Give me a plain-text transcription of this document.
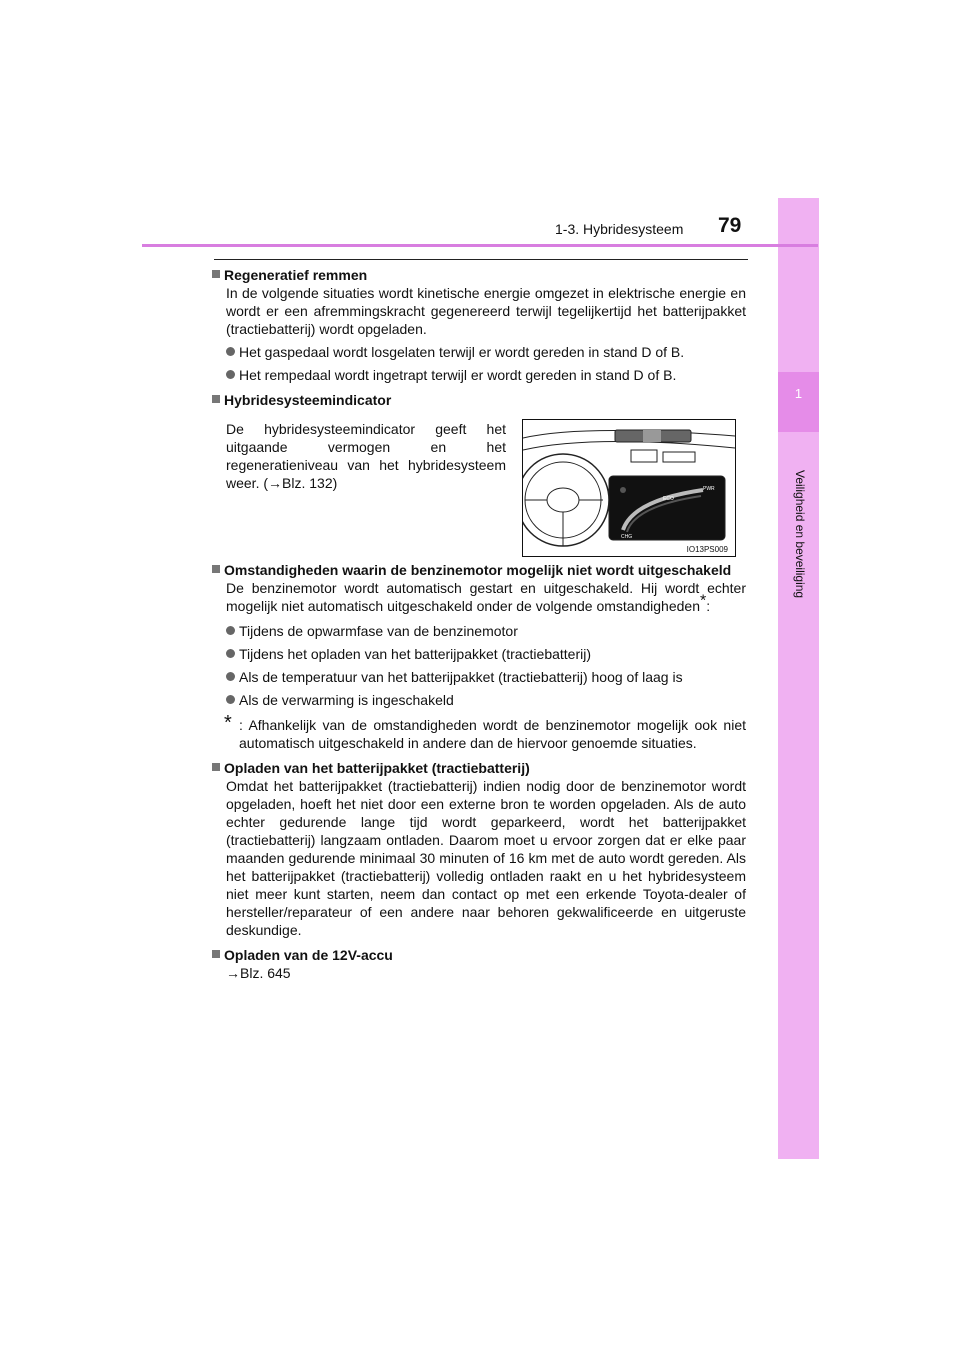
1
Veiligheid en beveiliging
1-3. Hybridesysteem 79
De hybridesysteemindicator geeft het uitgaande vermogen en het regeneratieniveau van het hybridesysteem weer. (→Blz. 132)
ECO
PWR
CHG
IO13PS009

Regeneratief remmen

In de volgende situaties wordt kinetische energie omgezet in elektrische energie en wordt er een afremmingskracht gegenereerd terwijl tegelijkertijd het batterijpakket (tractiebatterij) wordt opgeladen.

Het gaspedaal wordt losgelaten terwijl er wordt gereden in stand D of B.

Het rempedaal wordt ingetrapt terwijl er wordt gereden in stand D of B.

Hybridesysteemindicator

Omstandigheden waarin de benzinemotor mogelijk niet wordt uitgeschakeld

De benzinemotor wordt automatisch gestart en uitgeschakeld. Hij wordt echter mogelijk niet automatisch uitgeschakeld onder de volgende omstandigheden*:

Tijdens de opwarmfase van de benzinemotor

Tijdens het opladen van het batterijpakket (tractiebatterij)

Als de temperatuur van het batterijpakket (tractiebatterij) hoog of laag is

Als de verwarming is ingeschakeld

* : Afhankelijk van de omstandigheden wordt de benzinemotor mogelijk ook niet automatisch uitgeschakeld in andere dan de hiervoor genoemde situaties.

Opladen van het batterijpakket (tractiebatterij)

Omdat het batterijpakket (tractiebatterij) indien nodig door de benzinemotor wordt opgeladen, hoeft het niet door een externe bron te worden opgeladen. Als de auto echter gedurende lange tijd wordt geparkeerd, wordt het batterijpakket (tractiebatterij) langzaam ontladen. Daarom moet u ervoor zorgen dat er elke paar maanden gedurende minimaal 30 minuten of 16 km met de auto wordt gereden. Als het batterijpakket (tractiebatterij) volledig ontladen raakt en u het hybridesysteem niet meer kunt starten, neem dan contact op met een erkende Toyota-dealer of hersteller/reparateur of een andere naar behoren gekwalificeerde en uitgeruste deskundige.

Opladen van de 12V-accu

→Blz. 645
